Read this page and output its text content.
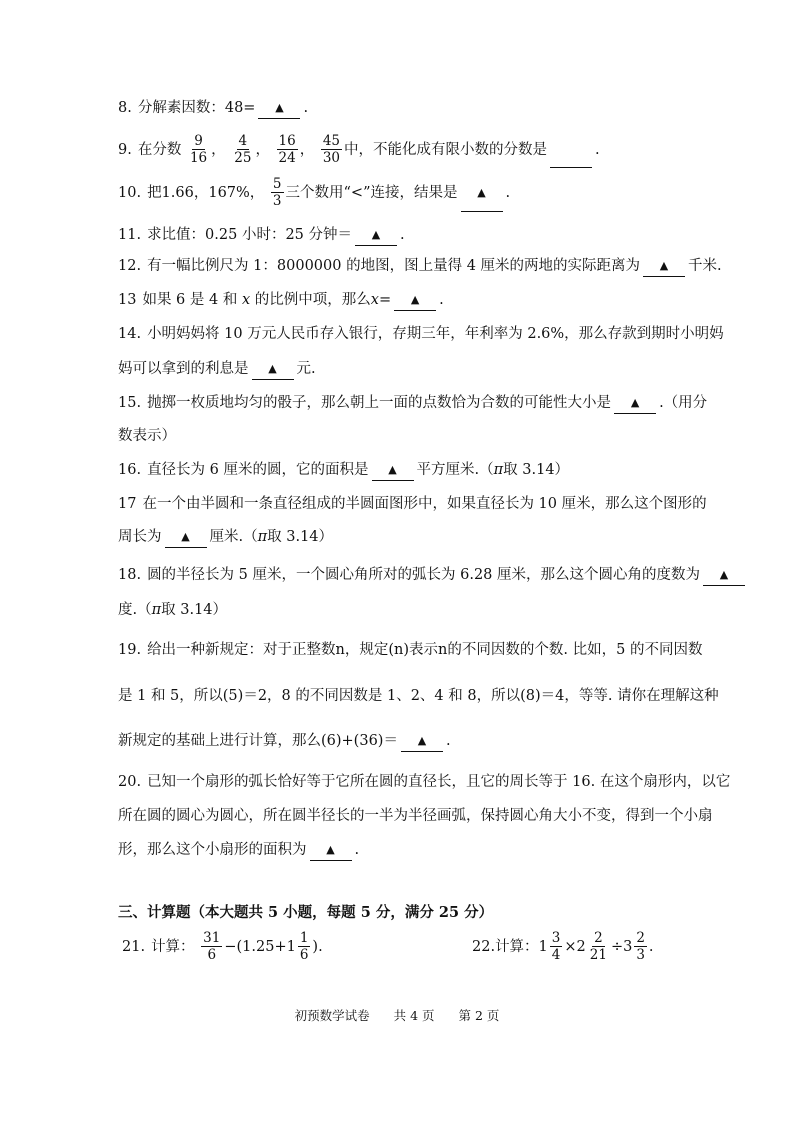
8. 分解素因数：48= ▲ .
9. 在分数 $\frac{9}{16}$ ， $\frac{4}{25}$ ， $\frac{16}{24}$ ， $\frac{45}{30}$ 中，不能化成有限小数的分数是	.
10. 把1.66，167%， $\frac{5}{3}$ 三个数用“<”连接，结果是 ▲ .
11. 求比值：0.25 小时：25 分钟＝ ▲ .
12. 有一幅比例尺为 1：8000000 的地图，图上量得 4 厘米的两地的实际距离为 ▲ 千米.
13 如果 6 是 4 和 x 的比例中项，那么x= ▲ .
14. 小明妈妈将 10 万元人民币存入银行，存期三年，年利率为 2.6%，那么存款到期时小明妈
妈可以拿到的利息是 ▲ 元.
15. 抛掷一枚质地均匀的骰子，那么朝上一面的点数恰为合数的可能性大小是 ▲ .（用分
数表示）
16. 直径长为 6 厘米的圆，它的面积是 ▲ 平方厘米.（π取 3.14）
17 在一个由半圆和一条直径组成的半圆面图形中，如果直径长为 10 厘米，那么这个图形的
周长为 ▲ 厘米.（π取 3.14）
18. 圆的半径长为 5 厘米，一个圆心角所对的弧长为 6.28 厘米，那么这个圆心角的度数为 ▲
度.（π取 3.14）
19. 给出一种新规定：对于正整数n，规定(n)表示n的不同因数的个数. 比如，5 的不同因数
是 1 和 5，所以(5)＝2，8 的不同因数是 1、2、4 和 8，所以(8)＝4，等等. 请你在理解这种
新规定的基础上进行计算，那么(6)+(36)＝ ▲ .
20. 已知一个扇形的弧长恰好等于它所在圆的直径长，且它的周长等于 16. 在这个扇形内，以它
所在圆的圆心为圆心，所在圆半径长的一半为半径画弧，保持圆心角大小不变，得到一个小扇
形，那么这个小扇形的面积为 ▲ .
三、计算题（本大题共 5 小题，每题 5 分，满分 25 分）
21. 计算： $\frac{31}{6} -(1.25+1 \frac{1}{6}$ ).	22.计算：$1 \frac{3}{4} \times 2 \frac{2}{21} \div 3 \frac{2}{3}$ .
初预数学试卷 共 4 页 第 2 页
